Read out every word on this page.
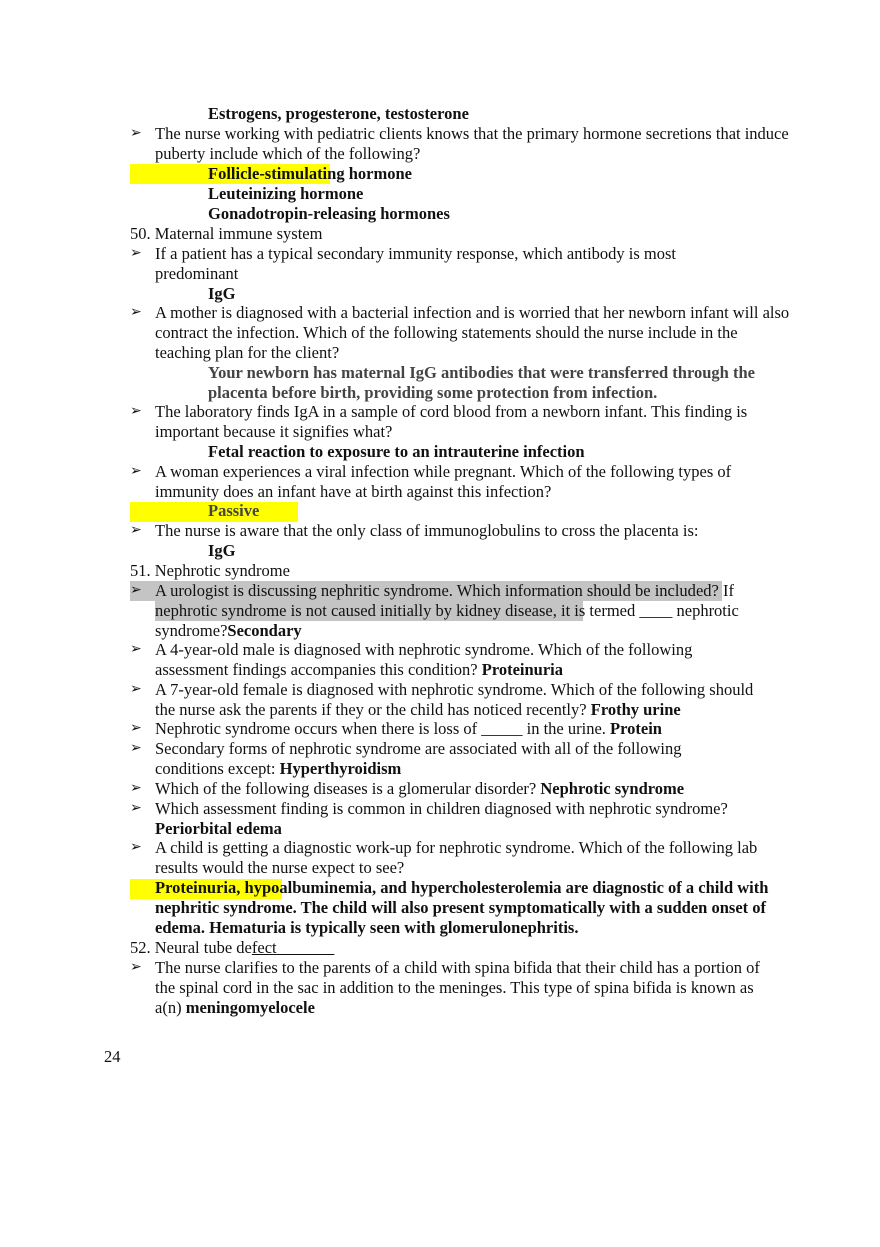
Estrogens, progesterone, testosterone
➢ The nurse working with pediatric clients knows that the primary hormone secretions that induce puberty include which of the following?
Follicle-stimulating hormone
Leuteinizing hormone
Gonadotropin-releasing hormones
50. Maternal immune system
➢ If a patient has a typical secondary immunity response, which antibody is most predominant
IgG
➢ A mother is diagnosed with a bacterial infection and is worried that her newborn infant will also contract the infection. Which of the following statements should the nurse include in the teaching plan for the client?
Your newborn has maternal IgG antibodies that were transferred through the placenta before birth, providing some protection from infection.
➢ The laboratory finds IgA in a sample of cord blood from a newborn infant. This finding is important because it signifies what?
Fetal reaction to exposure to an intrauterine infection
➢ A woman experiences a viral infection while pregnant. Which of the following types of immunity does an infant have at birth against this infection?
Passive
➢ The nurse is aware that the only class of immunoglobulins to cross the placenta is:
IgG
51. Nephrotic syndrome
➢ A urologist is discussing nephritic syndrome. Which information should be included? If
nephrotic syndrome is not caused initially by kidney disease, it is termed ____ nephrotic
syndrome?Secondary
➢ A 4-year-old male is diagnosed with nephrotic syndrome. Which of the following assessment findings accompanies this condition? Proteinuria
➢ A 7-year-old female is diagnosed with nephrotic syndrome. Which of the following should the nurse ask the parents if they or the child has noticed recently? Frothy urine
➢ Nephrotic syndrome occurs when there is loss of _____ in the urine. Protein
➢ Secondary forms of nephrotic syndrome are associated with all of the following conditions except: Hyperthyroidism
➢ Which of the following diseases is a glomerular disorder? Nephrotic syndrome
➢ Which assessment finding is common in children diagnosed with nephrotic syndrome?
Periorbital edema
➢ A child is getting a diagnostic work-up for nephrotic syndrome. Which of the following lab results would the nurse expect to see?
Proteinuria, hypoalbuminemia, and hypercholesterolemia are diagnostic of a child with nephritic syndrome. The child will also present symptomatically with a sudden onset of edema. Hematuria is typically seen with glomerulonephritis.
52. Neural tube defect
➢ The nurse clarifies to the parents of a child with spina bifida that their child has a portion of the spinal cord in the sac in addition to the meninges. This type of spina bifida is known as a(n) meningomyelocele
24
